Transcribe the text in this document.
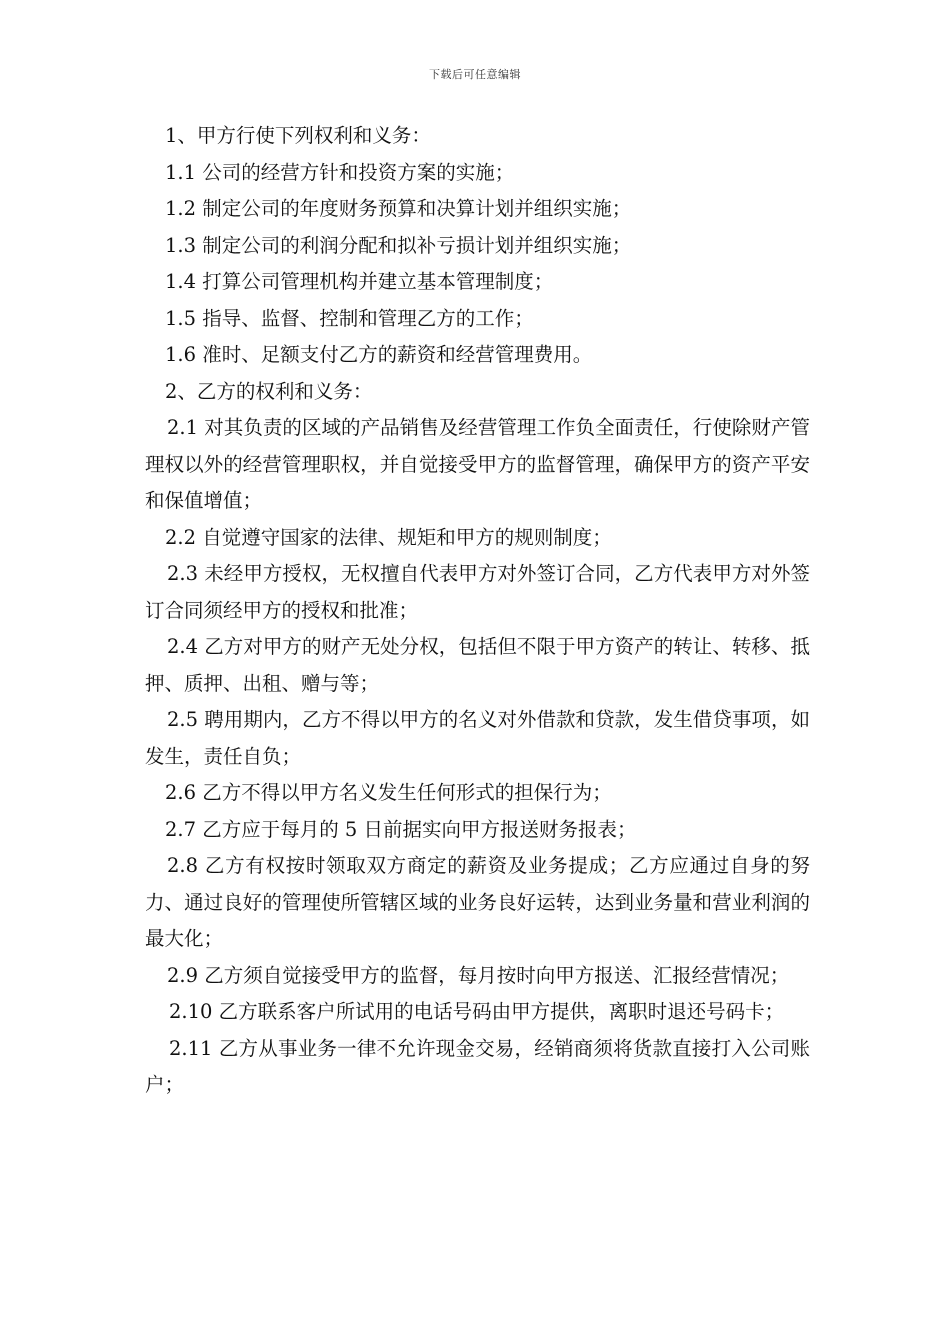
下载后可任意编辑

1、甲方行使下列权利和义务：

1.1 公司的经营方针和投资方案的实施；

1.2 制定公司的年度财务预算和决算计划并组织实施；

1.3 制定公司的利润分配和拟补亏损计划并组织实施；

1.4 打算公司管理机构并建立基本管理制度；

1.5 指导、监督、控制和管理乙方的工作；

1.6 准时、足额支付乙方的薪资和经营管理费用。

2、乙方的权利和义务：

2.1 对其负责的区域的产品销售及经营管理工作负全面责任，行使除财产管理权以外的经营管理职权，并自觉接受甲方的监督管理，确保甲方的资产平安和保值增值；

2.2 自觉遵守国家的法律、规矩和甲方的规则制度；

2.3 未经甲方授权，无权擅自代表甲方对外签订合同，乙方代表甲方对外签订合同须经甲方的授权和批准；

2.4 乙方对甲方的财产无处分权，包括但不限于甲方资产的转让、转移、抵押、质押、出租、赠与等；

2.5 聘用期内，乙方不得以甲方的名义对外借款和贷款，发生借贷事项，如发生，责任自负；

2.6 乙方不得以甲方名义发生任何形式的担保行为；

2.7 乙方应于每月的 5 日前据实向甲方报送财务报表；

2.8 乙方有权按时领取双方商定的薪资及业务提成；乙方应通过自身的努力、通过良好的管理使所管辖区域的业务良好运转，达到业务量和营业利润的最大化；

2.9 乙方须自觉接受甲方的监督，每月按时向甲方报送、汇报经营情况；

2.10 乙方联系客户所试用的电话号码由甲方提供，离职时退还号码卡；

2.11 乙方从事业务一律不允许现金交易，经销商须将货款直接打入公司账户；
